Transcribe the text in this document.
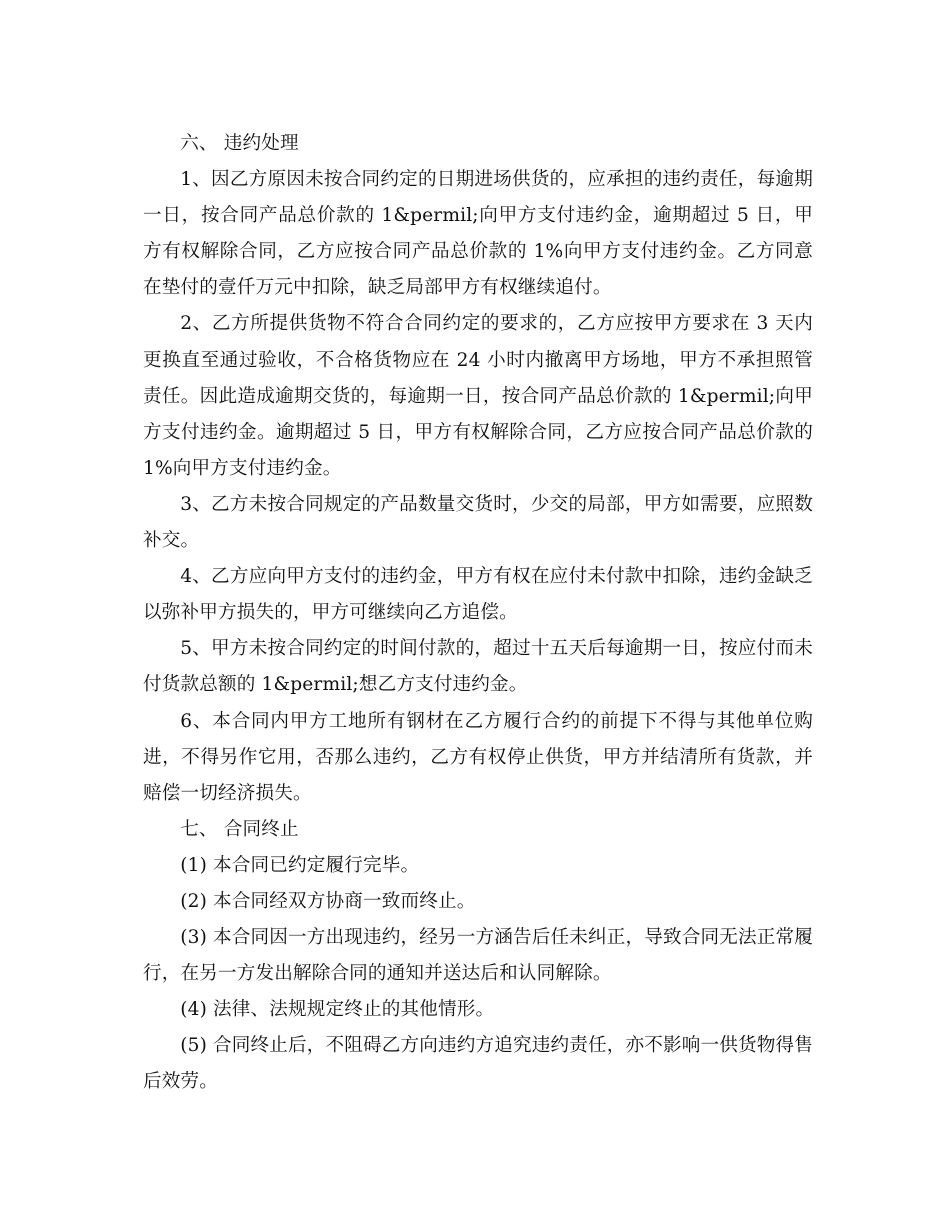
六、 违约处理

1、因乙方原因未按合同约定的日期进场供货的，应承担的违约责任，每逾期一日，按合同产品总价款的 1&permil;向甲方支付违约金，逾期超过 5 日，甲方有权解除合同，乙方应按合同产品总价款的 1%向甲方支付违约金。乙方同意在垫付的壹仟万元中扣除，缺乏局部甲方有权继续追付。

2、乙方所提供货物不符合合同约定的要求的，乙方应按甲方要求在 3 天内更换直至通过验收，不合格货物应在 24 小时内撤离甲方场地，甲方不承担照管责任。因此造成逾期交货的，每逾期一日，按合同产品总价款的 1&permil;向甲方支付违约金。逾期超过 5 日，甲方有权解除合同，乙方应按合同产品总价款的 1%向甲方支付违约金。

3、乙方未按合同规定的产品数量交货时，少交的局部，甲方如需要，应照数补交。

4、乙方应向甲方支付的违约金，甲方有权在应付未付款中扣除，违约金缺乏以弥补甲方损失的，甲方可继续向乙方追偿。

5、甲方未按合同约定的时间付款的，超过十五天后每逾期一日，按应付而未付货款总额的 1&permil;想乙方支付违约金。

6、本合同内甲方工地所有钢材在乙方履行合约的前提下不得与其他单位购进，不得另作它用，否那么违约，乙方有权停止供货，甲方并结清所有货款，并赔偿一切经济损失。

七、 合同终止

(1) 本合同已约定履行完毕。

(2) 本合同经双方协商一致而终止。

(3) 本合同因一方出现违约，经另一方涵告后任未纠正，导致合同无法正常履行，在另一方发出解除合同的通知并送达后和认同解除。

(4) 法律、法规规定终止的其他情形。

(5) 合同终止后，不阻碍乙方向违约方追究违约责任，亦不影响一供货物得售后效劳。
